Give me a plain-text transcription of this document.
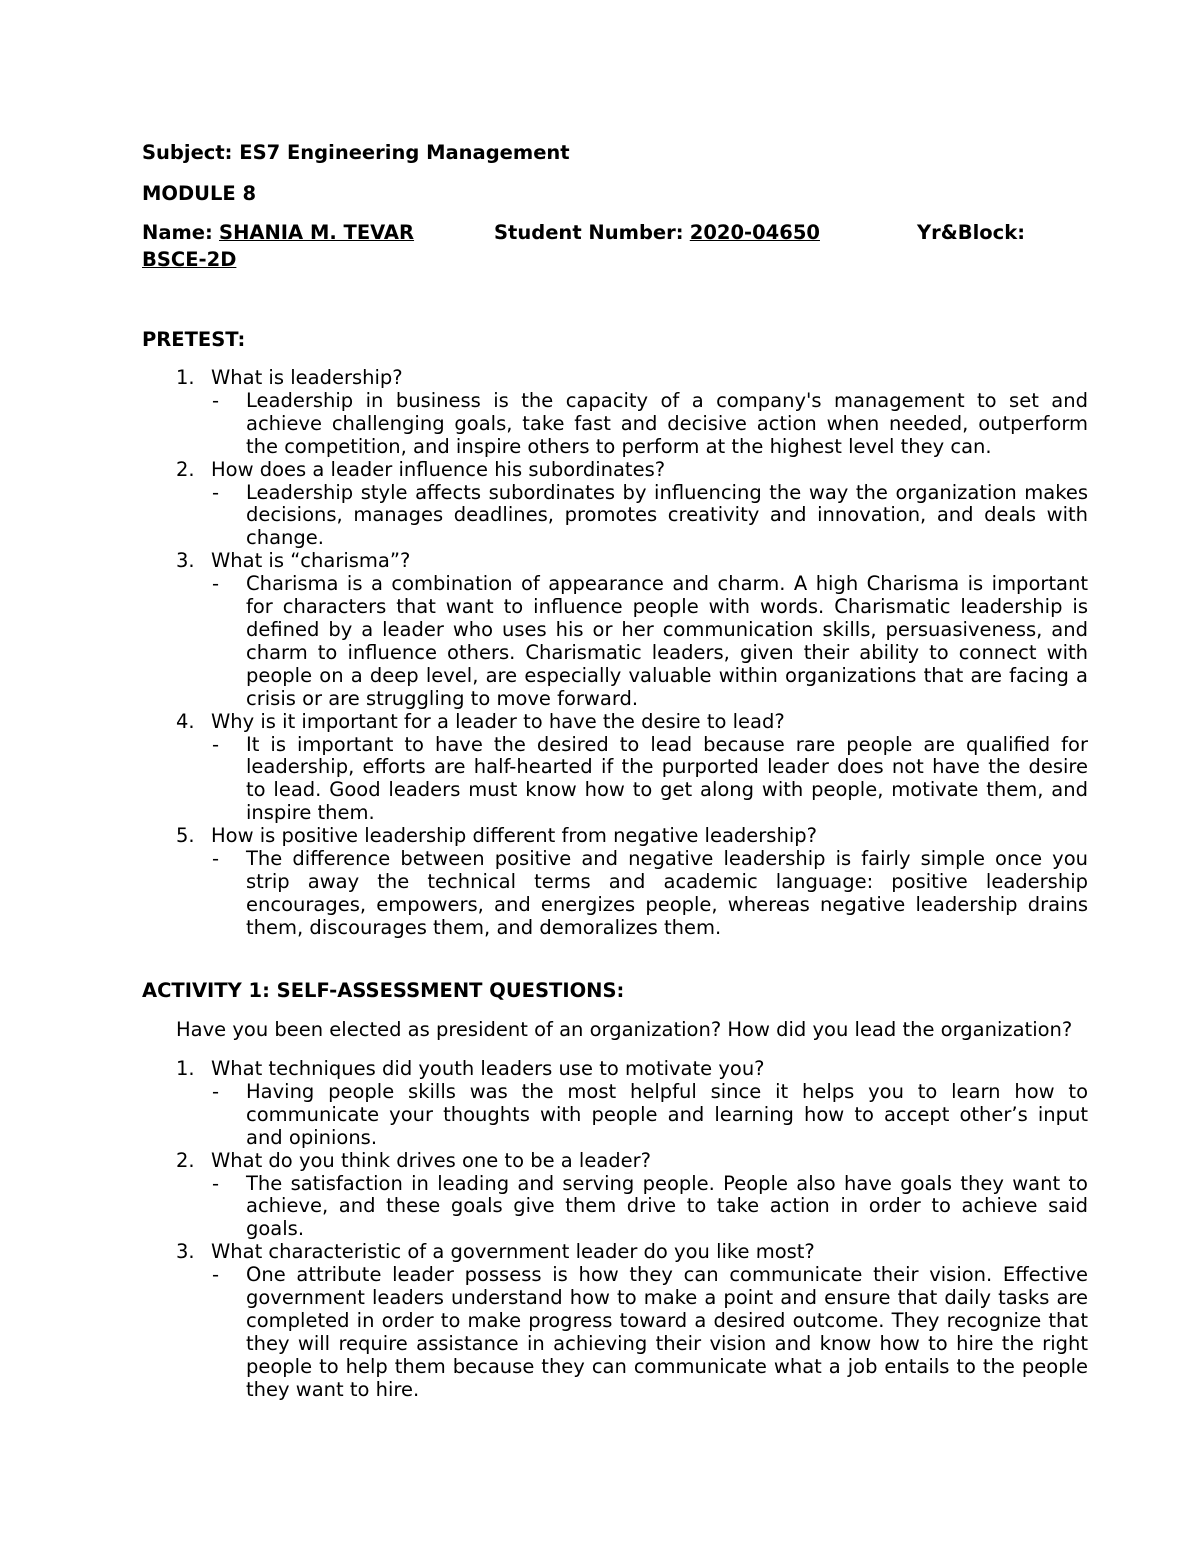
Subject: ES7 Engineering Management
MODULE 8
Name: SHANIA M. TEVAR	Student Number: 2020-04650	Yr&Block:
BSCE-2D
PRETEST:
1. What is leadership?
- Leadership in business is the capacity of a company's management to set and achieve challenging goals, take fast and decisive action when needed, outperform the competition, and inspire others to perform at the highest level they can.
2. How does a leader influence his subordinates?
- Leadership style affects subordinates by influencing the way the organization makes decisions, manages deadlines, promotes creativity and innovation, and deals with change.
3. What is “charisma”?
- Charisma is a combination of appearance and charm. A high Charisma is important for characters that want to influence people with words. Charismatic leadership is defined by a leader who uses his or her communication skills, persuasiveness, and charm to influence others. Charismatic leaders, given their ability to connect with people on a deep level, are especially valuable within organizations that are facing a crisis or are struggling to move forward.
4. Why is it important for a leader to have the desire to lead?
- It is important to have the desired to lead because rare people are qualified for leadership, efforts are half-hearted if the purported leader does not have the desire to lead. Good leaders must know how to get along with people, motivate them, and inspire them.
5. How is positive leadership different from negative leadership?
- The difference between positive and negative leadership is fairly simple once you strip away the technical terms and academic language: positive leadership encourages, empowers, and energizes people, whereas negative leadership drains them, discourages them, and demoralizes them.
ACTIVITY 1: SELF-ASSESSMENT QUESTIONS:
Have you been elected as president of an organization? How did you lead the organization?
1. What techniques did youth leaders use to motivate you?
- Having people skills was the most helpful since it helps you to learn how to communicate your thoughts with people and learning how to accept other’s input and opinions.
2. What do you think drives one to be a leader?
- The satisfaction in leading and serving people. People also have goals they want to achieve, and these goals give them drive to take action in order to achieve said goals.
3. What characteristic of a government leader do you like most?
- One attribute leader possess is how they can communicate their vision. Effective government leaders understand how to make a point and ensure that daily tasks are completed in order to make progress toward a desired outcome. They recognize that they will require assistance in achieving their vision and know how to hire the right people to help them because they can communicate what a job entails to the people they want to hire.
